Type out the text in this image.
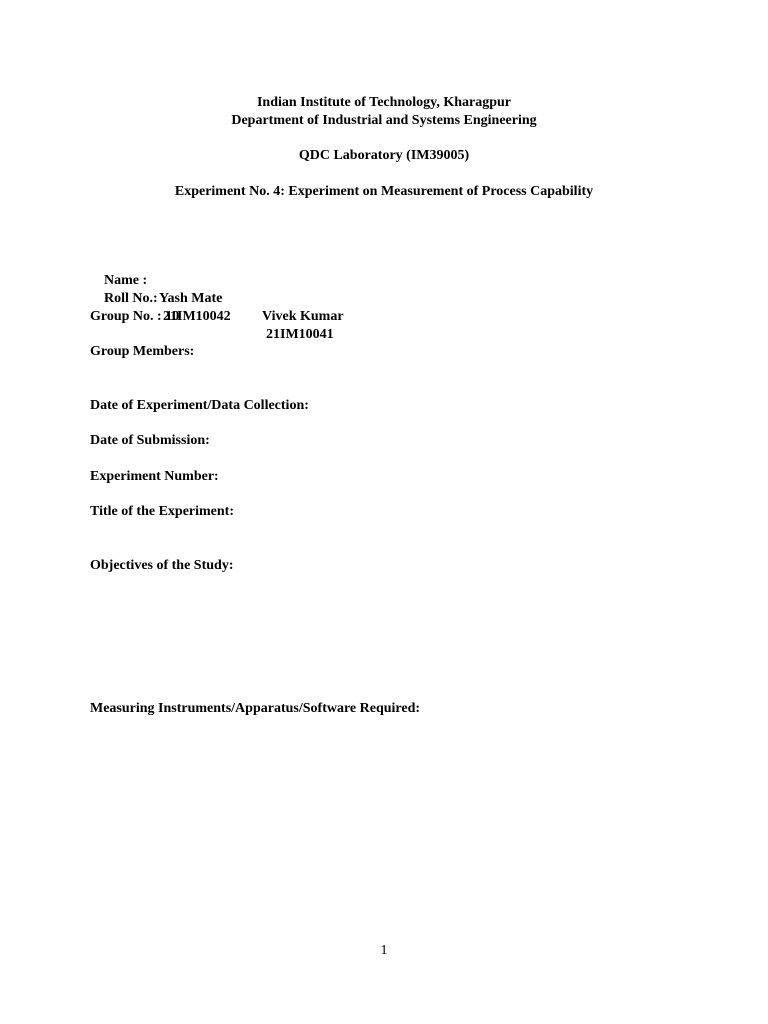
Indian Institute of Technology, Kharagpur
Department of Industrial and Systems Engineering
QDC Laboratory (IM39005)
Experiment No. 4: Experiment on Measurement of Process Capability

Name :

Yash Mate

Vivek Kumar

Roll No.:

21IM10042

21IM10041

Group No. : 10
Group Members:
Date of Experiment/Data Collection:
Date of Submission:
Experiment Number:
Title of the Experiment:
Objectives of the Study:
Measuring Instruments/Apparatus/Software Required:
1
